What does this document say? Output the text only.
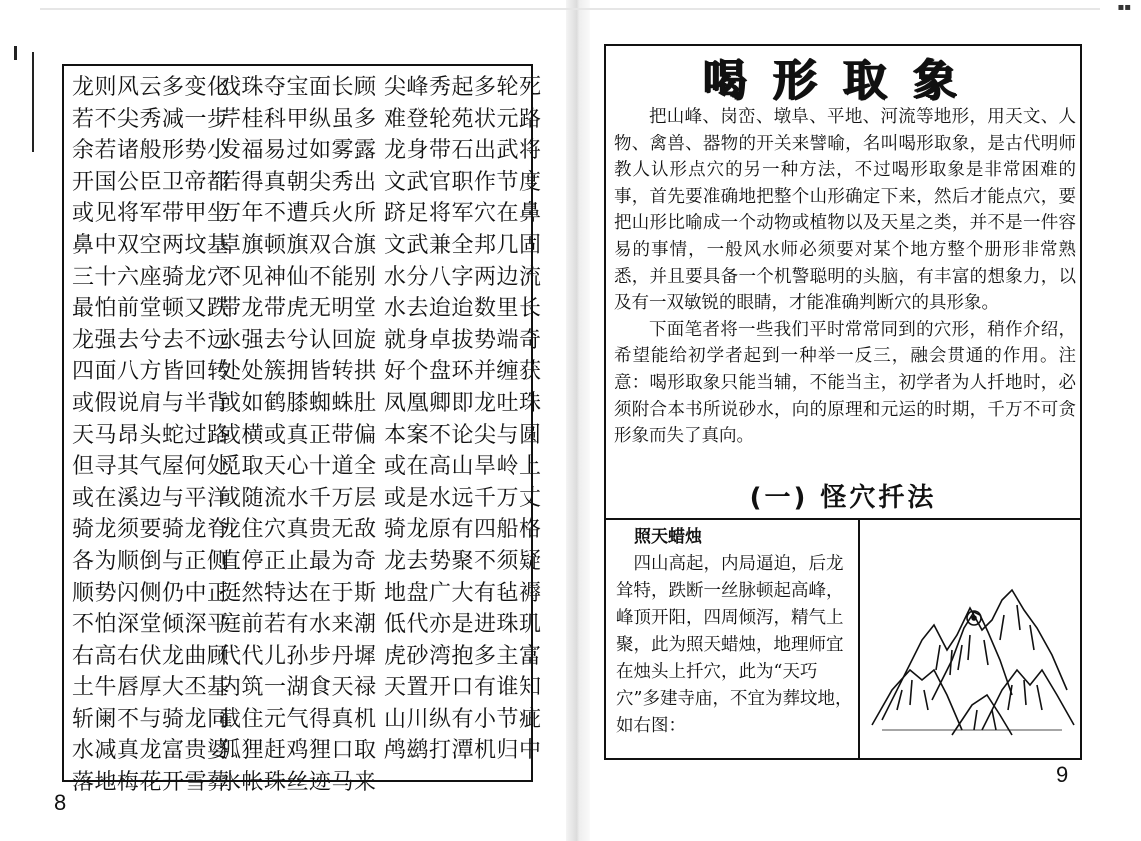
▪▪
龙则风云多变化
若不尖秀减一步
余若诸般形势小
开国公臣卫帝都
或见将军带甲坐
鼻中双空两坟基
三十六座骑龙穴
最怕前堂顿又跌
龙强去兮去不远
四面八方皆回转
或假说肩与半背
天马昂头蛇过路
但寻其气屋何处
或在溪边与平洋
骑龙须要骑龙脊
各为顺倒与正侧
顺势闪侧仍中正
不怕深堂倾深平
右高右伏龙曲顾
土牛唇厚大丕基
斩阑不与骑龙同
水减真龙富贵婆
落地梅花开雪葬
戏珠夺宝面长顾
芹桂科甲纵虽多
发福易过如雾露
若得真朝尖秀出
万年不遭兵火所
卓旗顿旗双合旗
不见神仙不能别
带龙带虎无明堂
水强去兮认回旋
处处簇拥皆转拱
或如鹤膝蜘蛛肚
或横或真正带偏
觅取天心十道全
或随流水千万层
龙住穴真贵无敌
直停正止最为奇
挺然特达在于斯
庭前若有水来潮
代代儿孙步丹墀
内筑一湖食天禄
截住元气得真机
狐狸赶鸡狸口取
水帐珠丝迹马来
尖峰秀起多轮死
难登轮苑状元路
龙身带石出武将
文武官职作节度
跻足将军穴在鼻
文武兼全邦几固
水分八字两边流
水去迨迨数里长
就身卓拔势端奇
好个盘环并缠获
凤凰卿即龙吐珠
本案不论尖与圆
或在高山旱岭上
或是水远千万丈
骑龙原有四船格
龙去势聚不须疑
地盘广大有毡褥
低代亦是进珠玑
虎砂湾抱多主富
天置开口有谁知
山川纵有小节疵
鸬鹚打潭机归中
8
喝形取象

把山峰、岗峦、墩阜、平地、河流等地形，用天文、人物、禽兽、器物的开关来譬喻，名叫喝形取象，是古代明师教人认形点穴的另一种方法，不过喝形取象是非常困难的事，首先要准确地把整个山形确定下来，然后才能点穴，要把山形比喻成一个动物或植物以及天星之类，并不是一件容易的事情，一般风水师必须要对某个地方整个册形非常熟悉，并且要具备一个机警聪明的头脑，有丰富的想象力，以及有一双敏锐的眼睛，才能准确判断穴的具形象。

下面笔者将一些我们平时常常同到的穴形，稍作介绍，希望能给初学者起到一种举一反三，融会贯通的作用。注意：喝形取象只能当辅，不能当主，初学者为人扦地时，必须附合本书所说砂水，向的原理和元运的时期，千万不可贪形象而失了真向。

(一) 怪穴扦法
照天蜡烛
四山高起，内局逼迫，后龙耸特，跌断一丝脉顿起高峰，峰顶开阳，四周倾泻，精气上聚，此为照天蜡烛，地理师宜在烛头上扦穴，此为“天巧穴”多建寺庙，不宜为葬坟地，如右图：
9
